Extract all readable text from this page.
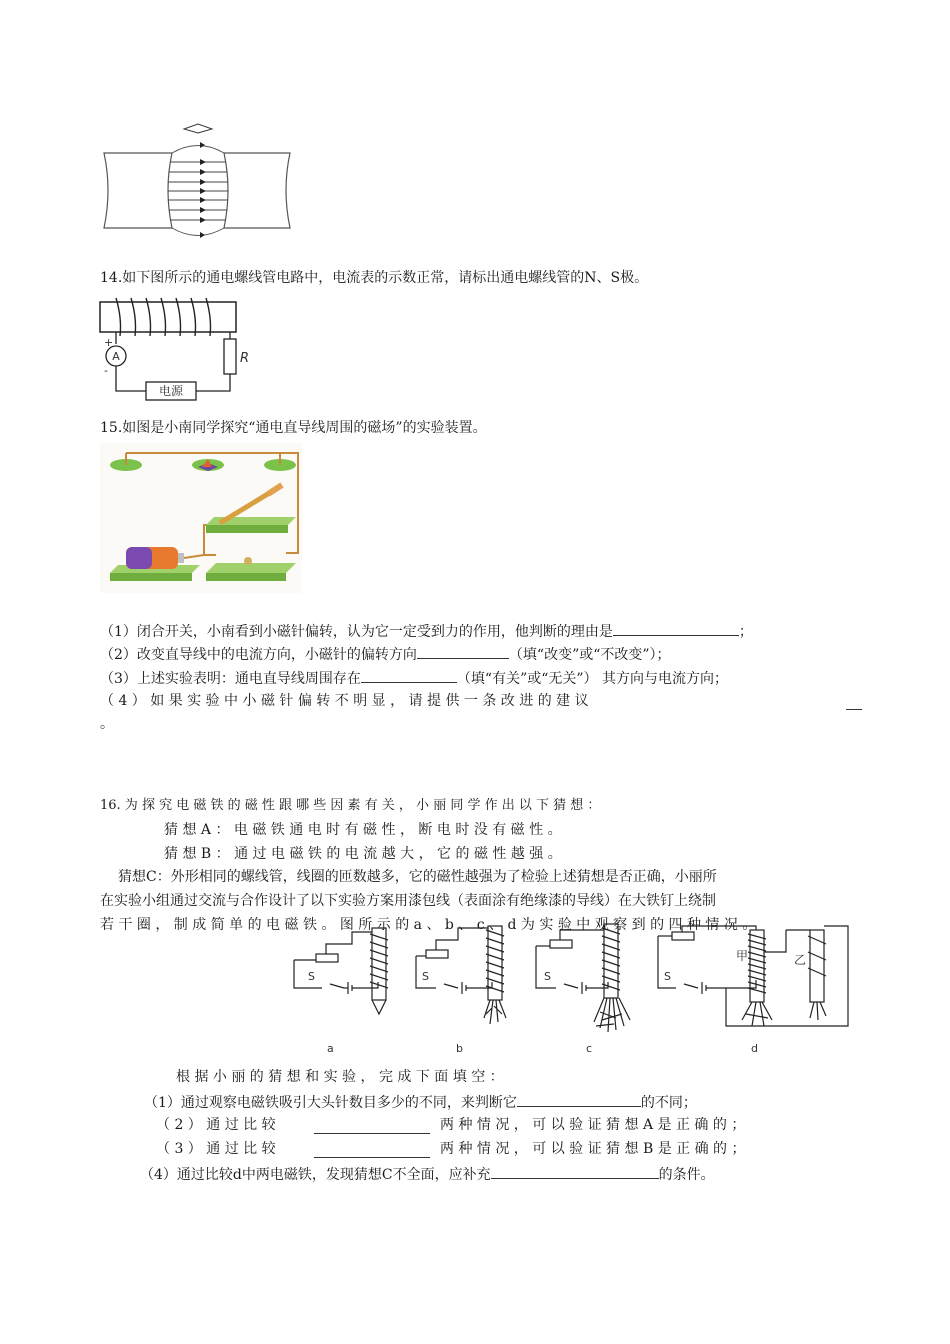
14.如下图所示的通电螺线管电路中，电流表的示数正常，请标出通电螺线管的N、S极。
A
+
-
电源
R
15.如图是小南同学探究“通电直导线周围的磁场”的实验装置。
（1）闭合开关，小南看到小磁针偏转，认为它一定受到力的作用，他判断的理由是	；
（2）改变直导线中的电流方向，小磁针的偏转方向	（填“改变”或“不改变”）；
（3）上述实验表明：通电直导线周围存在	（填“有关”或“无关”） 其方向与电流方向；
（ 4 ） 如 果 实 验 中 小 磁 针 偏 转 不 明 显 ， 请 提 供 一 条 改 进 的 建 议
。
16. 为 探 究 电 磁 铁 的 磁 性 跟 哪 些 因 素 有 关 ， 小 丽 同 学 作 出 以 下 猜 想 ：
猜 想 A ： 电 磁 铁 通 电 时 有 磁 性 ， 断 电 时 没 有 磁 性 。
猜 想 B ： 通 过 电 磁 铁 的 电 流 越 大 ， 它 的 磁 性 越 强 。
猜想C：外形相同的螺线管，线圈的匝数越多，它的磁性越强为了检验上述猜想是否正确，小丽所
在实验小组通过交流与合作设计了以下实验方案用漆包线（表面涂有绝缘漆的导线）在大铁钉上绕制
若 干 圈 ， 制 成 简 单 的 电 磁 铁 。 图 所 示 的 a 、 b 、 c 、 d 为 实 验 中 观 察 到 的 四 种 情 况 。
S
a
S
b
S
c
S
甲	乙
d
根 据 小 丽 的 猜 想 和 实 验 ， 完 成 下 面 填 空 ：
（1）通过观察电磁铁吸引大头针数目多少的不同，来判断它	的不同；
（ 2 ） 通 过 比 较	两 种 情 况 ， 可 以 验 证 猜 想 A 是 正 确 的 ；
（ 3 ） 通 过 比 较	两 种 情 况 ， 可 以 验 证 猜 想 B 是 正 确 的 ；
（4）通过比较d中两电磁铁，发现猜想C不全面，应补充	的条件。
